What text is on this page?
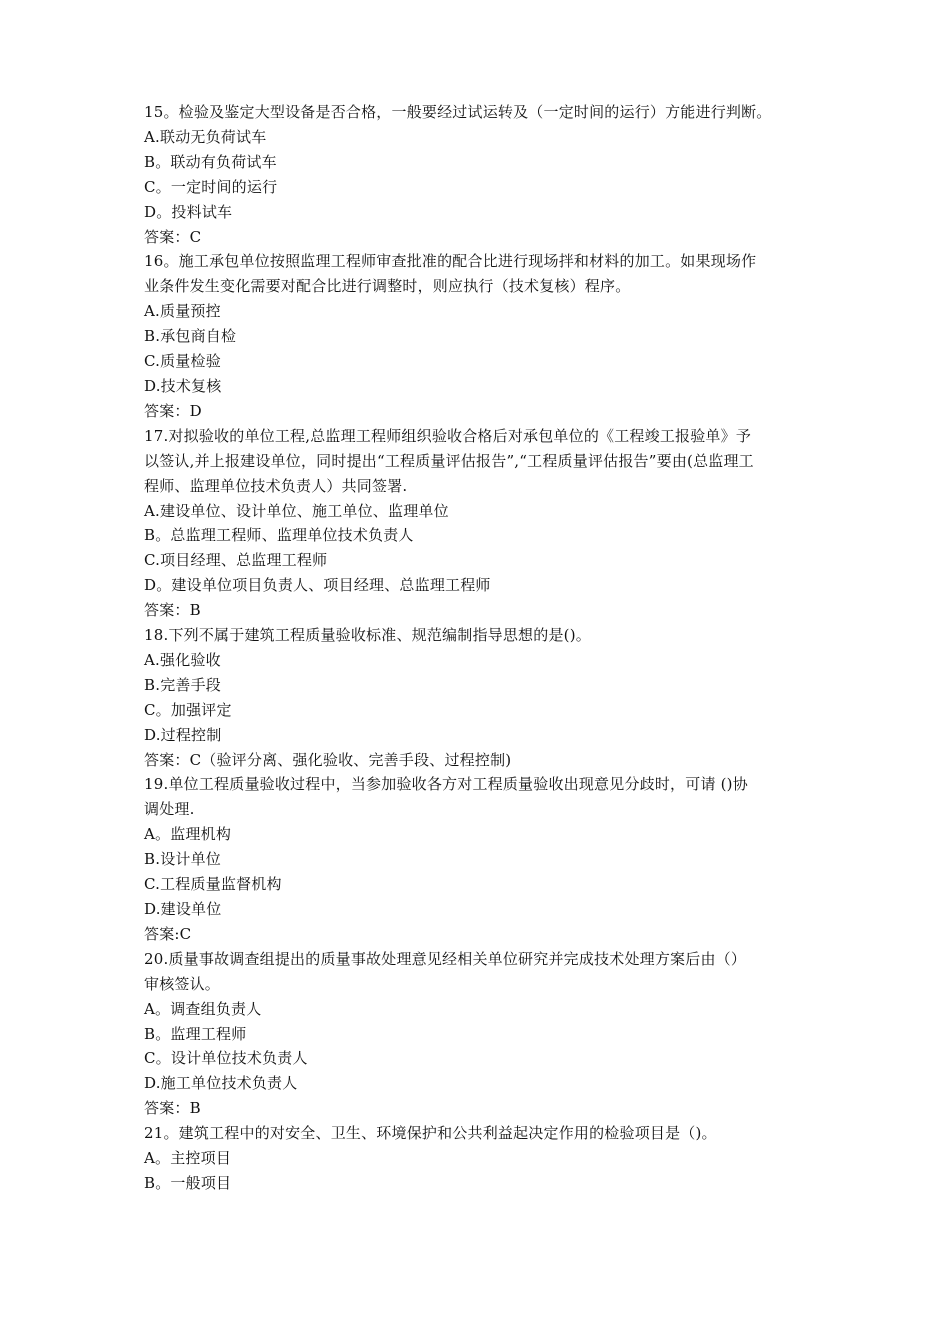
15。检验及鉴定大型设备是否合格，一般要经过试运转及（一定时间的运行）方能进行判断。
A.联动无负荷试车
B。联动有负荷试车
C。一定时间的运行
D。投料试车
答案：C
16。施工承包单位按照监理工程师审查批准的配合比进行现场拌和材料的加工。如果现场作
业条件发生变化需要对配合比进行调整时，则应执行（技术复核）程序。
A.质量预控
B.承包商自检
C.质量检验
D.技术复核
答案：D
17.对拟验收的单位工程,总监理工程师组织验收合格后对承包单位的《工程竣工报验单》予
以签认,并上报建设单位，同时提出“工程质量评估报告”,“工程质量评估报告”要由(总监理工
程师、监理单位技术负责人）共同签署.
A.建设单位、设计单位、施工单位、监理单位
B。总监理工程师、监理单位技术负责人
C.项目经理、总监理工程师
D。建设单位项目负责人、项目经理、总监理工程师
答案：B
18.下列不属于建筑工程质量验收标准、规范编制指导思想的是()。
A.强化验收
B.完善手段
C。加强评定
D.过程控制
答案：C（验评分离、强化验收、完善手段、过程控制)
19.单位工程质量验收过程中，当参加验收各方对工程质量验收出现意见分歧时，可请 ()协
调处理.
A。监理机构
B.设计单位
C.工程质量监督机构
D.建设单位
答案:C
20.质量事故调查组提出的质量事故处理意见经相关单位研究并完成技术处理方案后由（）
审核签认。
A。调查组负责人
B。监理工程师
C。设计单位技术负责人
D.施工单位技术负责人
答案：B
21。建筑工程中的对安全、卫生、环境保护和公共利益起决定作用的检验项目是（)。
A。主控项目
B。一般项目
